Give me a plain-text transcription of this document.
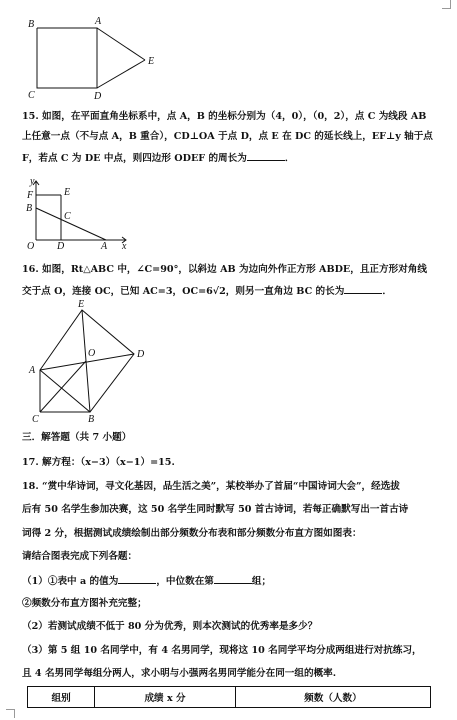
B	A
E
C	D
15. 如图，在平面直角坐标系中，点 A，B 的坐标分别为（4，0），（0，2），点 C 为线段 AB
上任意一点（不与点 A，B 重合），CD⊥OA 于点 D，点 E 在 DC 的延长线上，EF⊥y 轴于点
F，若点 C 为 DE 中点，则四边形 ODEF 的周长为	．
y
F	E
B
C
O D	A x
16. 如图，Rt△ABC 中，∠C=90°，以斜边 AB 为边向外作正方形 ABDE，且正方形对角线
交于点 O，连接 OC，已知 AC=3，OC=6√2，则另一直角边 BC 的长为	．
E
O	D
A
C	B
三．解答题（共 7 小题）
17. 解方程：（x−3）（x−1）=15.
18. “赏中华诗词，寻文化基因，品生活之美”，某校举办了首届“中国诗词大会”，经选拔
后有 50 名学生参加决赛，这 50 名学生同时默写 50 首古诗词，若每正确默写出一首古诗
词得 2 分，根据测试成绩绘制出部分频数分布表和部分频数分布直方图如图表：
请结合图表完成下列各题：
（1）①表中 a 的值为	，中位数在第	组；
②频数分布直方图补充完整；
（2）若测试成绩不低于 80 分为优秀，则本次测试的优秀率是多少？
（3）第 5 组 10 名同学中，有 4 名男同学，现将这 10 名同学平均分成两组进行对抗练习，
且 4 名男同学每组分两人，求小明与小强两名男同学能分在同一组的概率.
组别	成绩 x 分	频数（人数）
